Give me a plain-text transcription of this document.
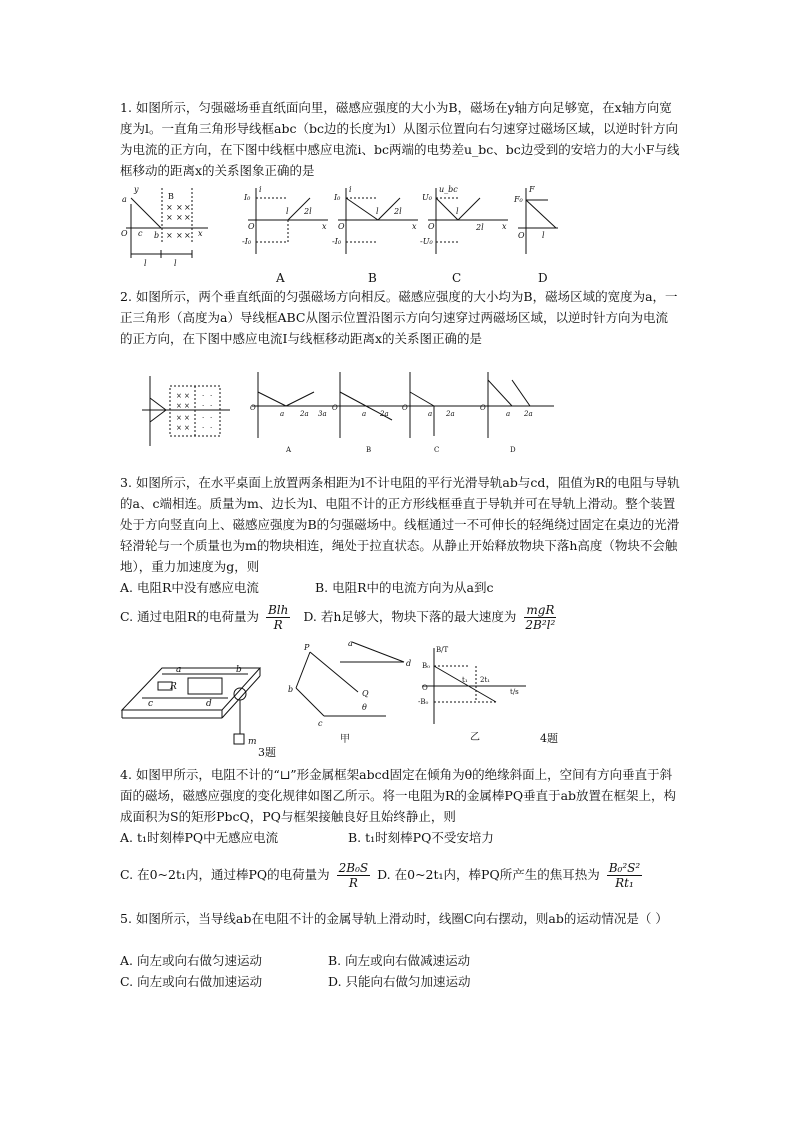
1. 如图所示，匀强磁场垂直纸面向里，磁感应强度的大小为B，磁场在y轴方向足够宽，在x轴方向宽度为l。一直角三角形导线框abc（bc边的长度为l）从图示位置向右匀速穿过磁场区域，以逆时针方向为电流的正方向，在下图中线框中感应电流i、bc两端的电势差u_bc、bc边受到的安培力的大小F与线框移动的距离x的关系图象正确的是

B
× × ×
× × ×
× × ×
a
y
O c b	x
l	l
i
I₀
-I₀
l 2l
x
O
i
I₀
-I₀
l 2l
x
O
u_bc
U₀
-U₀
l
2l x
O
F
F₀
l
O
A	B	C	D

2. 如图所示，两个垂直纸面的匀强磁场方向相反。磁感应强度的大小均为B，磁场区域的宽度为a，一正三角形（高度为a）导线框ABC从图示位置沿图示方向匀速穿过两磁场区域，以逆时针方向为电流的正方向，在下图中感应电流I与线框移动距离x的关系图正确的是

× ×
× ×
× ×
× ×
· ·
· ·
· ·
· ·
O
a 2a 3a
O
a 2a
O
a 2a
O
a 2a
A	B	C	D

3. 如图所示，在水平桌面上放置两条相距为l不计电阻的平行光滑导轨ab与cd，阻值为R的电阻与导轨的a、c端相连。质量为m、边长为l、电阻不计的正方形线框垂直于导轨并可在导轨上滑动。整个装置处于方向竖直向上、磁感应强度为B的匀强磁场中。线框通过一不可伸长的轻绳绕过固定在桌边的光滑轻滑轮与一个质量也为m的物块相连，绳处于拉直状态。从静止开始释放物块下落h高度（物块不会触地），重力加速度为g，则

A. 电阻R中没有感应电流	B. 电阻R中的电流方向为从a到c
C. 通过电阻R的电荷量为 $\frac{\text{Blh}}{R} D$. 若h足够大，物块下落的最大速度为 $\frac{\text{mgR}}{\text{2B²l²}}$
a	b
c	d
R
m
3题
P	a
b
c
Q
d
θ
甲
B/T
B₀
O
-B₀
t₁ 2t₁
t/s
乙	4题

4. 如图甲所示，电阻不计的“⊔”形金属框架abcd固定在倾角为θ的绝缘斜面上，空间有方向垂直于斜面的磁场，磁感应强度的变化规律如图乙所示。将一电阻为R的金属棒PQ垂直于ab放置在框架上，构成面积为S的矩形PbcQ，PQ与框架接触良好且始终静止，则

A. t₁时刻棒PQ中无感应电流	B. t₁时刻棒PQ不受安培力
C. 在0~2t₁内，通过棒PQ的电荷量为 $\frac{\text{2B₀S}}{R} D$. 在0~2t₁内，棒PQ所产生的焦耳热为 $\frac{\text{B₀²S²}}{\text{Rt₁}}$

5. 如图所示，当导线ab在电阻不计的金属导轨上滑动时，线圈C向右摆动，则ab的运动情况是（ ）

A. 向左或向右做匀速运动	B. 向左或向右做减速运动
C. 向左或向右做加速运动	D. 只能向右做匀加速运动
